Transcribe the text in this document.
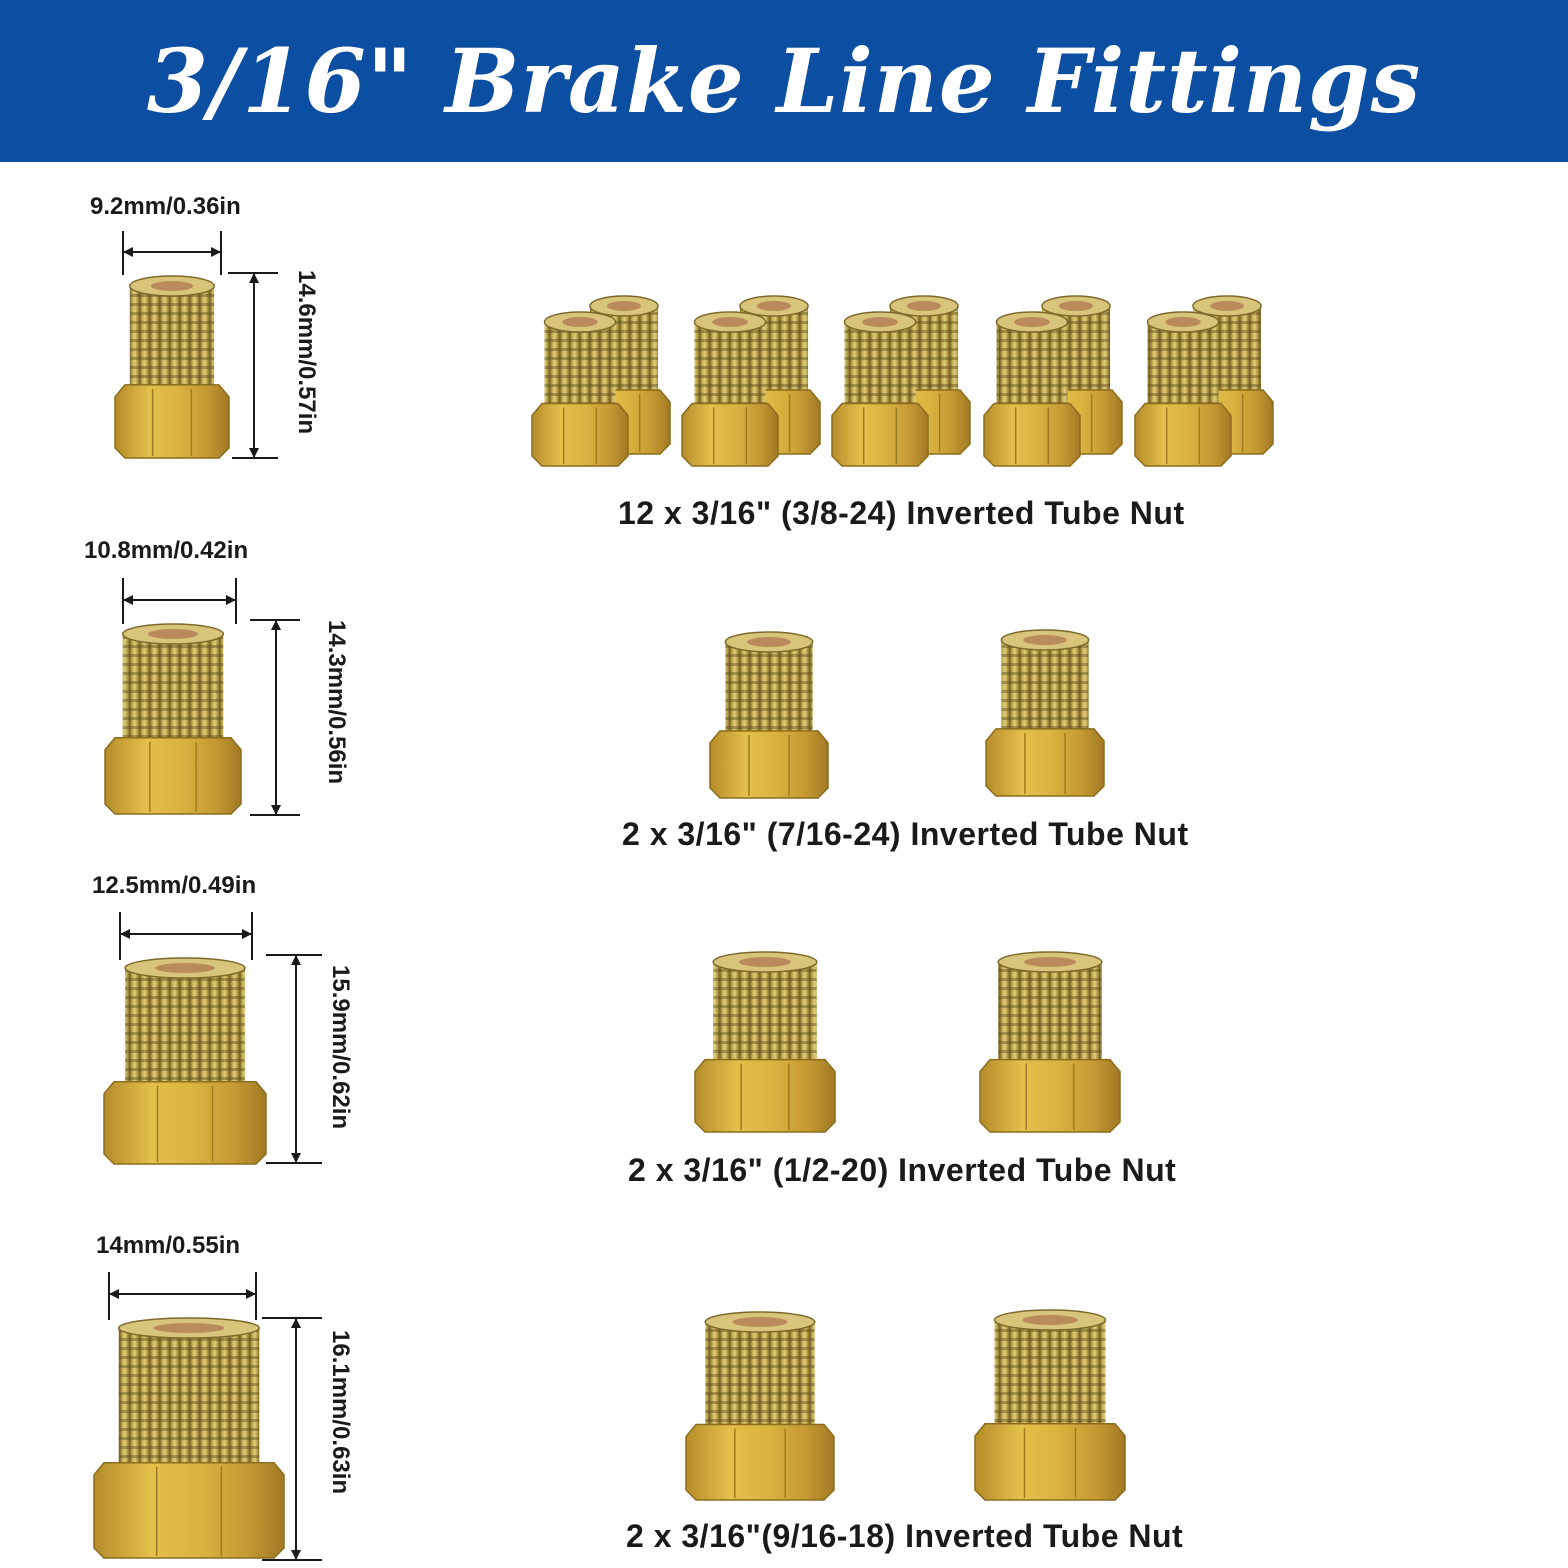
3/16" Brake Line Fittings
9.2mm/0.36in
14.6mm/0.57in
10.8mm/0.42in
14.3mm/0.56in
12.5mm/0.49in
15.9mm/0.62in
14mm/0.55in
16.1mm/0.63in
12 x 3/16" (3/8-24) Inverted Tube Nut
2 x 3/16" (7/16-24) Inverted Tube Nut
2 x 3/16" (1/2-20) Inverted Tube Nut
2 x 3/16"(9/16-18) Inverted Tube Nut
